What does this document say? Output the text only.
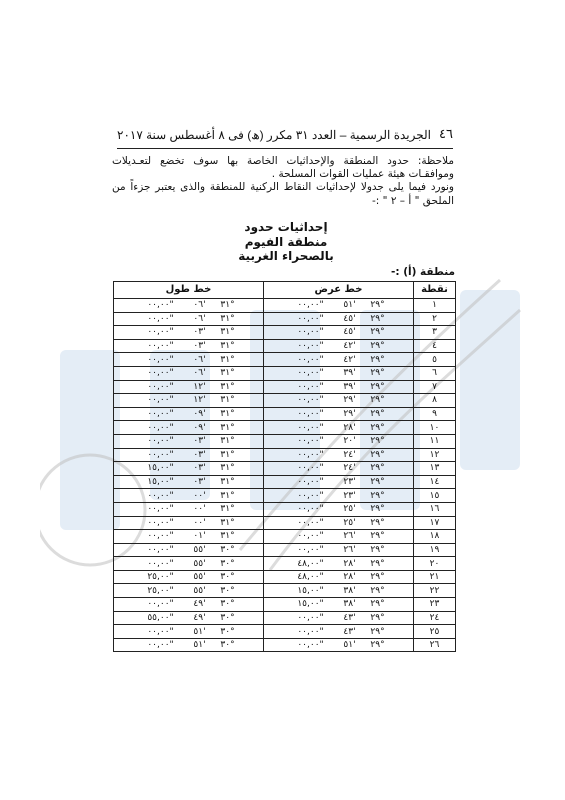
٤٦
الجريدة الرسمية – العدد ٣١ مكرر (ھ) فى ٨ أغسطس سنة ٢٠١٧

ملاحظة: حدود المنطقة والإحداثيات الخاصة بها سوف تخضع لتعـديلات وموافقـات هيئة عمليات القوات المسلحة .

ونورد فيما يلى جدولا لإحداثيات النقاط الركنية للمنطقة والذى يعتبر جزءاً من الملحق " أ – ٢ " :-

إحداثيات حدود
منطقة الفيوم
بالصحراء الغربية
منطقة (أ) :-
نقطة	خط عرض	خط طول
١	٢٩°٥١'٠٠,٠٠"	٣١°٠٦'٠٠,٠٠"
٢	٢٩°٤٥'٠٠,٠٠"	٣١°٠٦'٠٠,٠٠"
٣	٢٩°٤٥'٠٠,٠٠"	٣١°٠٣'٠٠,٠٠"
٤	٢٩°٤٢'٠٠,٠٠"	٣١°٠٣'٠٠,٠٠"
٥	٢٩°٤٢'٠٠,٠٠"	٣١°٠٦'٠٠,٠٠"
٦	٢٩°٣٩'٠٠,٠٠"	٣١°٠٦'٠٠,٠٠"
٧	٢٩°٣٩'٠٠,٠٠"	٣١°١٢'٠٠,٠٠"
٨	٢٩°٢٩'٠٠,٠٠"	٣١°١٢'٠٠,٠٠"
٩	٢٩°٢٩'٠٠,٠٠"	٣١°٠٩'٠٠,٠٠"
١٠	٢٩°٢٨'٠٠,٠٠"	٣١°٠٩'٠٠,٠٠"
١١	٢٩°٢٠'٠٠,٠٠"	٣١°٠٣'٠٠,٠٠"
١٢	٢٩°٢٤'٠٠,٠٠"	٣١°٠٣'٠٠,٠٠"
١٣	٢٩°٢٤'٠٠,٠٠"	٣١°٠٣'١٥,٠٠"
١٤	٢٩°٢٣'٠٠,٠٠"	٣١°٠٣'١٥,٠٠"
١٥	٢٩°٢٣'٠٠,٠٠"	٣١°٠٠'٠٠,٠٠"
١٦	٢٩°٢٥'٠٠,٠٠"	٣١°٠٠'٠٠,٠٠"
١٧	٢٩°٢٥'٠٠,٠٠"	٣١°٠٠'٠٠,٠٠"
١٨	٢٩°٢٦'٠٠,٠٠"	٣١°٠١'٠٠,٠٠"
١٩	٢٩°٢٦'٠٠,٠٠"	٣٠°٥٥'٠٠,٠٠"
٢٠	٢٩°٢٨'٤٨,٠٠"	٣٠°٥٥'٠٠,٠٠"
٢١	٢٩°٢٨'٤٨,٠٠"	٣٠°٥٥'٢٥,٠٠"
٢٢	٢٩°٣٨'١٥,٠٠"	٣٠°٥٥'٢٥,٠٠"
٢٣	٢٩°٣٨'١٥,٠٠"	٣٠°٤٩'٠٠,٠٠"
٢٤	٢٩°٤٣'٠٠,٠٠"	٣٠°٤٩'٥٥,٠٠"
٢٥	٢٩°٤٣'٠٠,٠٠"	٣٠°٥١'٠٠,٠٠"
٢٦	٢٩°٥١'٠٠,٠٠"	٣٠°٥١'٠٠,٠٠"
